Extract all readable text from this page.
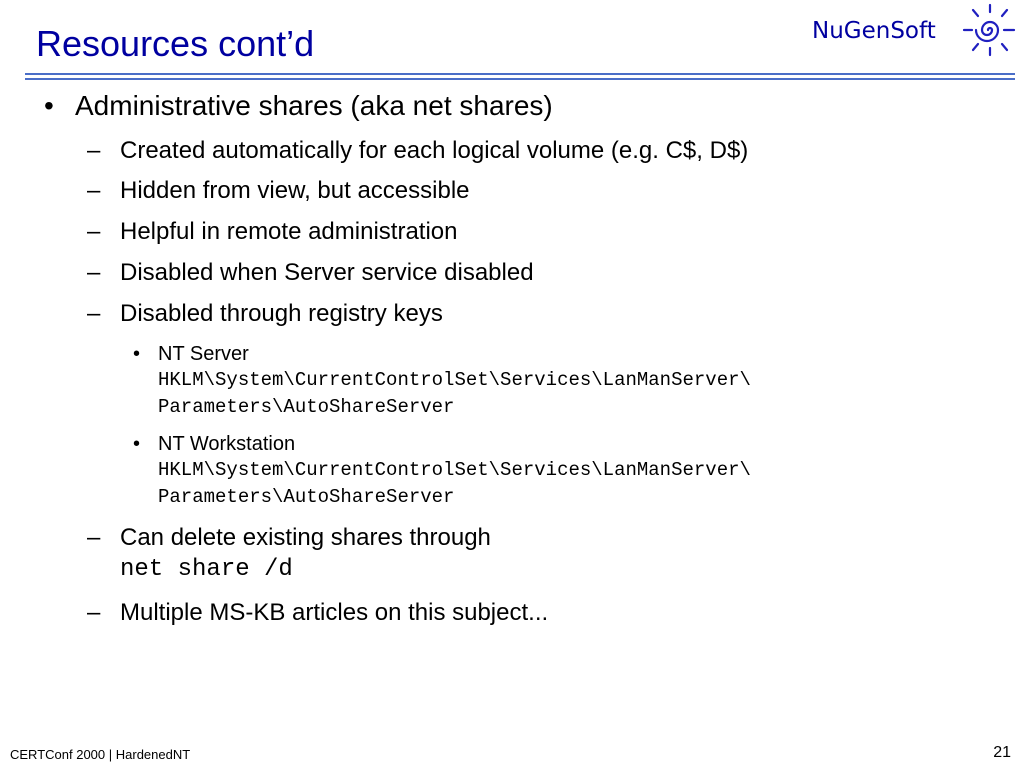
Resources cont’d	NuGenSoft
• Administrative shares (aka net shares)
– Created automatically for each logical volume (e.g. C$, D$)
– Hidden from view, but accessible
– Helpful in remote administration
– Disabled when Server service disabled
– Disabled through registry keys
• NT Server
HKLM\System\CurrentControlSet\Services\LanManServer\
Parameters\AutoShareServer
• NT Workstation
HKLM\System\CurrentControlSet\Services\LanManServer\
Parameters\AutoShareServer
– Can delete existing shares through
net share /d
– Multiple MS-KB articles on this subject...
CERTConf 2000 | HardenedNT	21
